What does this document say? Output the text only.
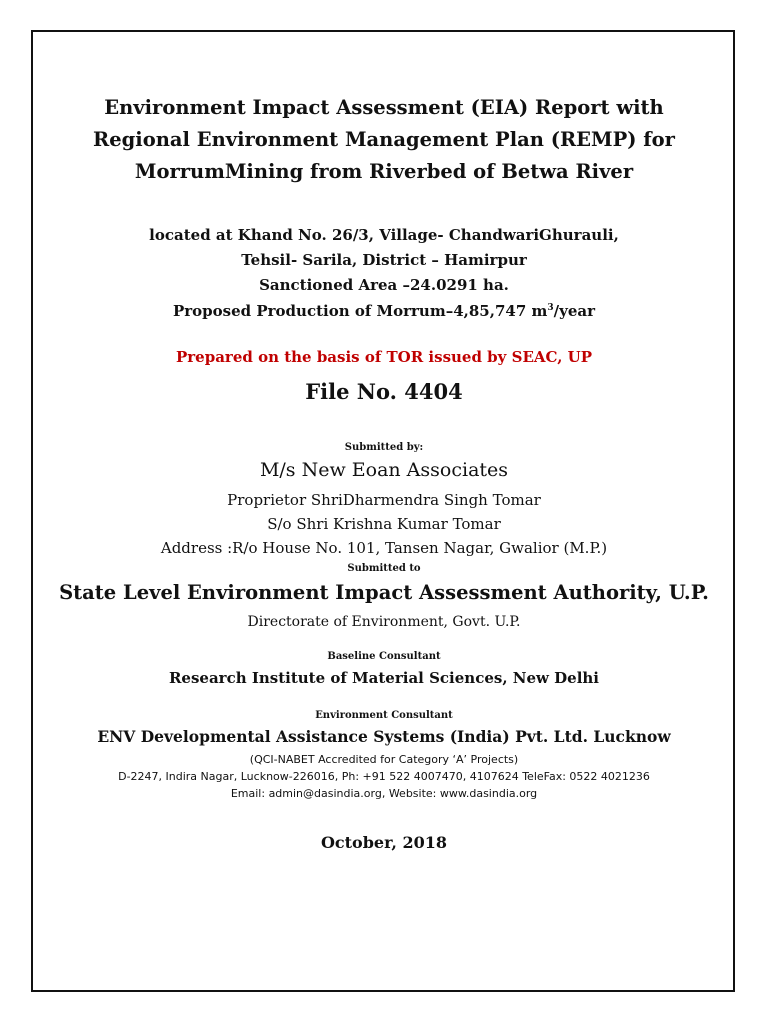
Environment Impact Assessment (EIA) Report with
Regional Environment Management Plan (REMP) for
MorrumMining from Riverbed of Betwa River
located at Khand No. 26/3, Village- ChandwariGhurauli,
Tehsil- Sarila, District – Hamirpur
Sanctioned Area –24.0291 ha.
Proposed Production of Morrum–4,85,747 $m^3$/year
Prepared on the basis of TOR issued by SEAC, UP
File No. 4404
Submitted by:
M/s New Eoan Associates
Proprietor ShriDharmendra Singh Tomar
S/o Shri Krishna Kumar Tomar
Address :R/o House No. 101, Tansen Nagar, Gwalior (M.P.)
Submitted to
State Level Environment Impact Assessment Authority, U.P.
Directorate of Environment, Govt. U.P.
Baseline Consultant
Research Institute of Material Sciences, New Delhi
Environment Consultant
ENV Developmental Assistance Systems (India) Pvt. Ltd. Lucknow
(QCI-NABET Accredited for Category ‘A’ Projects)
D-2247, Indira Nagar, Lucknow-226016, Ph: +91 522 4007470, 4107624 TeleFax: 0522 4021236
Email: admin@dasindia.org, Website: www.dasindia.org
October, 2018
